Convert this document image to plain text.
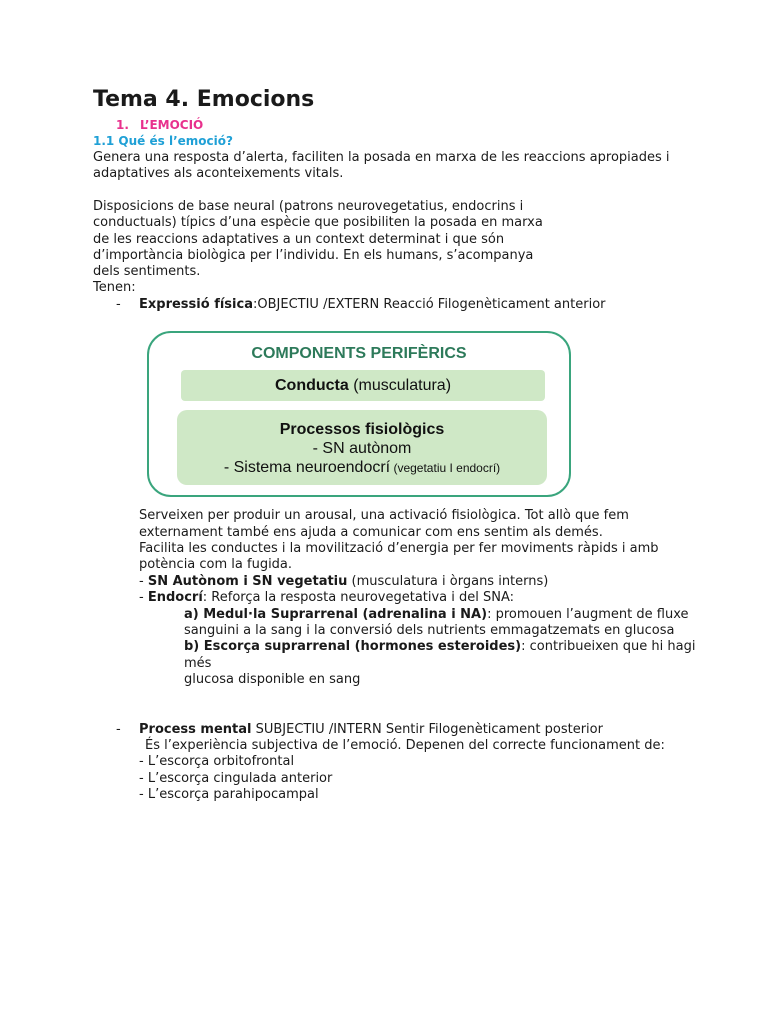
Tema 4. Emocions
1. L’EMOCIÓ
1.1 Qué és l’emoció?
Genera una resposta d’alerta, faciliten la posada en marxa de les reaccions apropiades i
adaptatives als aconteixements vitals.
Disposicions de base neural (patrons neurovegetatius, endocrins i
conductuals) típics d’una espècie que posibiliten la posada en marxa
de les reaccions adaptatives a un context determinat i que són
d’importància biològica per l’individu. En els humans, s’acompanya
dels sentiments.
Tenen:
- Expressió física:OBJECTIU /EXTERN Reacció Filogenèticament anterior
COMPONENTS PERIFÈRICS
Conducta (musculatura)
Processos fisiològics
- SN autònom
- Sistema neuroendocrí (vegetatiu I endocrí)
Serveixen per produir un arousal, una activació fisiològica. Tot allò que fem
externament també ens ajuda a comunicar com ens sentim als demés.
Facilita les conductes i la movilització d’energia per fer moviments ràpids i amb
potència com la fugida.
- SN Autònom i SN vegetatiu (musculatura i òrgans interns)
- Endocrí: Reforça la resposta neurovegetativa i del SNA:
a) Medul·la Suprarrenal (adrenalina i NA): promouen l’augment de fluxe
sanguini a la sang i la conversió dels nutrients emmagatzemats en glucosa
b) Escorça suprarrenal (hormones esteroides): contribueixen que hi hagi
més
glucosa disponible en sang
- Process mental SUBJECTIU /INTERN Sentir Filogenèticament posterior
És l’experiència subjectiva de l’emoció. Depenen del correcte funcionament de:
- L’escorça orbitofrontal
- L’escorça cingulada anterior
- L’escorça parahipocampal
